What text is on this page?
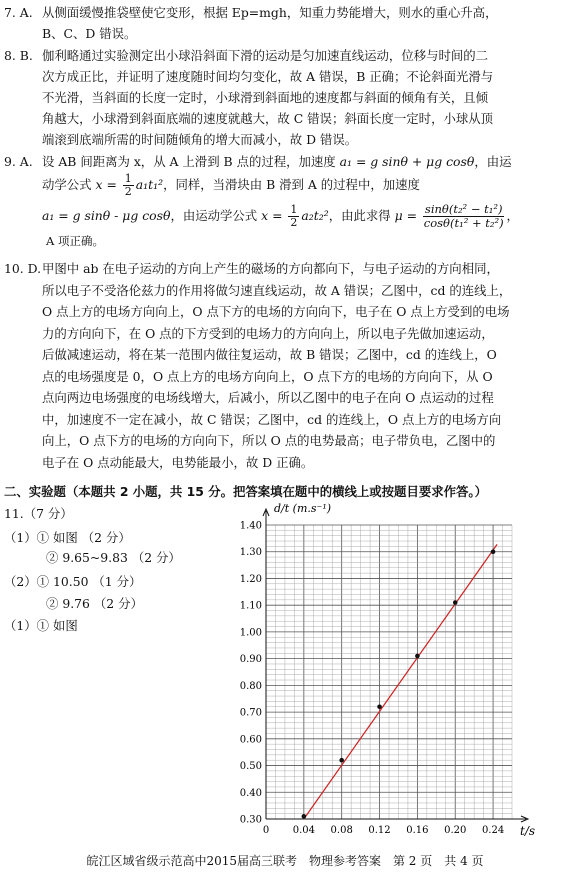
7. A. 从侧面缓慢推袋壁使它变形，根据 Ep=mgh，知重力势能增大，则水的重心升高，
B、C、D 错误。
8. B. 伽利略通过实验测定出小球沿斜面下滑的运动是匀加速直线运动，位移与时间的二
次方成正比，并证明了速度随时间均匀变化，故 A 错误，B 正确；不论斜面光滑与
不光滑，当斜面的长度一定时，小球滑到斜面地的速度都与斜面的倾角有关，且倾
角越大，小球滑到斜面底端的速度就越大，故 C 错误；斜面长度一定时，小球从顶
端滚到底端所需的时间随倾角的增大而减小，故 D 错误。
9. A. 设 AB 间距离为 x，从 A 上滑到 B 点的过程，加速度 a₁ = g sinθ + μg cosθ，由运
动学公式 $x = \frac{1}{2} a_1t_1^2$，同样，当滑块由 B 滑到 A 的过程中，加速度
a₁ = g sinθ - μg cosθ，由运动学公式 $x = \frac{1}{2} a_2t_2^2$，由此求得 $\mu = \frac{\text{sinθ(t₂² − t₁²)}}{\text{cosθ(t₁² + t₂²)}}$ ，
A 项正确。
10. D. 甲图中 ab 在电子运动的方向上产生的磁场的方向都向下，与电子运动的方向相同，
所以电子不受洛伦兹力的作用将做匀速直线运动，故 A 错误；乙图中，cd 的连线上，
O 点上方的电场方向向上，O 点下方的电场的方向向下，电子在 O 点上方受到的电场
力的方向向下，在 O 点的下方受到的电场力的方向向上，所以电子先做加速运动，
后做减速运动，将在某一范围内做往复运动，故 B 错误；乙图中，cd 的连线上，O
点的电场强度是 0，O 点上方的电场方向向上，O 点下方的电场的方向向下，从 O
点向两边电场强度的电场线增大，后减小，所以乙图中的电子在向 O 点运动的过程
中，加速度不一定在减小，故 C 错误；乙图中，cd 的连线上，O 点上方的电场方向
向上，O 点下方的电场的方向向下，所以 O 点的电势最高；电子带负电，乙图中的
电子在 O 点动能最大，电势能最小，故 D 正确。
二、实验题（本题共 2 小题，共 15 分。把答案填在题中的横线上或按题目要求作答。）
11.（7 分）
（1）① 如图 （2 分）
② 9.65~9.83 （2 分）
（2）① 10.50 （1 分）
② 9.76 （2 分）
（1）① 如图
0.30
0.40
0.50
0.60
0.70
0.80
0.90
1.00
1.10
1.20
1.30
1.40
0 0.04 0.08 0.12 0.16 0.20 0.24
d/t (m.s⁻¹)
t/s
皖江区域省级示范高中2015届高三联考　物理参考答案　第 2 页　共 4 页
